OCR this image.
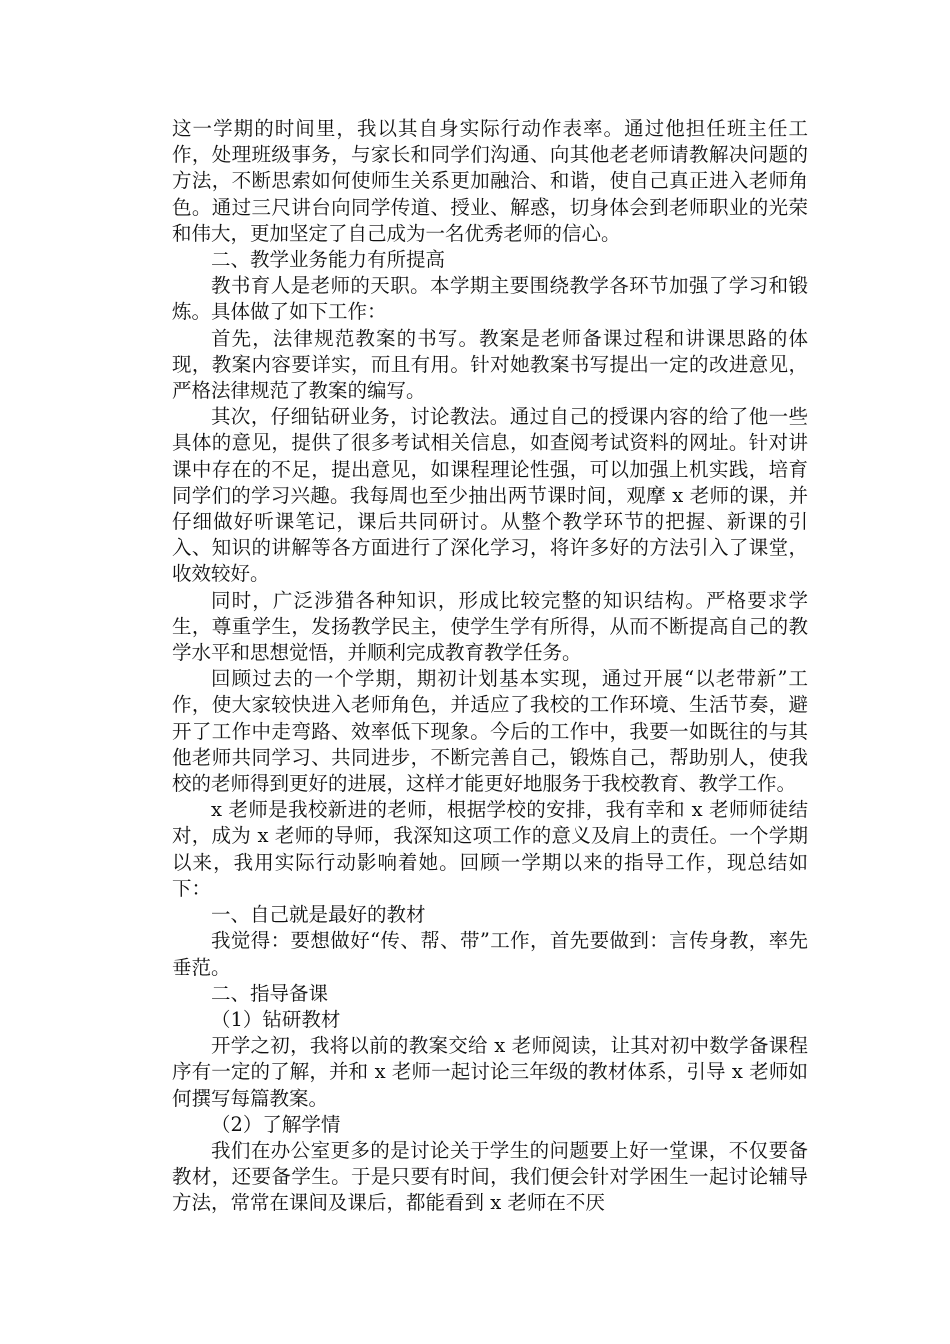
这一学期的时间里，我以其自身实际行动作表率。通过他担任班主任工作，处理班级事务，与家长和同学们沟通、向其他老老师请教解决问题的方法，不断思索如何使师生关系更加融洽、和谐，使自己真正进入老师角色。通过三尺讲台向同学传道、授业、解惑，切身体会到老师职业的光荣和伟大，更加坚定了自己成为一名优秀老师的信心。

二、教学业务能力有所提高

教书育人是老师的天职。本学期主要围绕教学各环节加强了学习和锻炼。具体做了如下工作：

首先，法律规范教案的书写。教案是老师备课过程和讲课思路的体现，教案内容要详实，而且有用。针对她教案书写提出一定的改进意见，严格法律规范了教案的编写。

其次，仔细钻研业务，讨论教法。通过自己的授课内容的给了他一些具体的意见，提供了很多考试相关信息，如查阅考试资料的网址。针对讲课中存在的不足，提出意见，如课程理论性强，可以加强上机实践，培育同学们的学习兴趣。我每周也至少抽出两节课时间，观摩 x 老师的课，并仔细做好听课笔记，课后共同研讨。从整个教学环节的把握、新课的引入、知识的讲解等各方面进行了深化学习，将许多好的方法引入了课堂，收效较好。

同时，广泛涉猎各种知识，形成比较完整的知识结构。严格要求学生，尊重学生，发扬教学民主，使学生学有所得，从而不断提高自己的教学水平和思想觉悟，并顺利完成教育教学任务。

回顾过去的一个学期，期初计划基本实现，通过开展“以老带新”工作，使大家较快进入老师角色，并适应了我校的工作环境、生活节奏，避开了工作中走弯路、效率低下现象。今后的工作中，我要一如既往的与其他老师共同学习、共同进步，不断完善自己，锻炼自己，帮助别人，使我校的老师得到更好的进展，这样才能更好地服务于我校教育、教学工作。

x 老师是我校新进的老师，根据学校的安排，我有幸和 x 老师师徒结对，成为 x 老师的导师，我深知这项工作的意义及肩上的责任。一个学期以来，我用实际行动影响着她。回顾一学期以来的指导工作，现总结如下：

一、自己就是最好的教材

我觉得：要想做好“传、帮、带”工作，首先要做到：言传身教，率先垂范。

二、指导备课

（1）钻研教材

开学之初，我将以前的教案交给 x 老师阅读，让其对初中数学备课程序有一定的了解，并和 x 老师一起讨论三年级的教材体系，引导 x 老师如何撰写每篇教案。

（2）了解学情

我们在办公室更多的是讨论关于学生的问题要上好一堂课，不仅要备教材，还要备学生。于是只要有时间，我们便会针对学困生一起讨论辅导方法，常常在课间及课后，都能看到 x 老师在不厌
